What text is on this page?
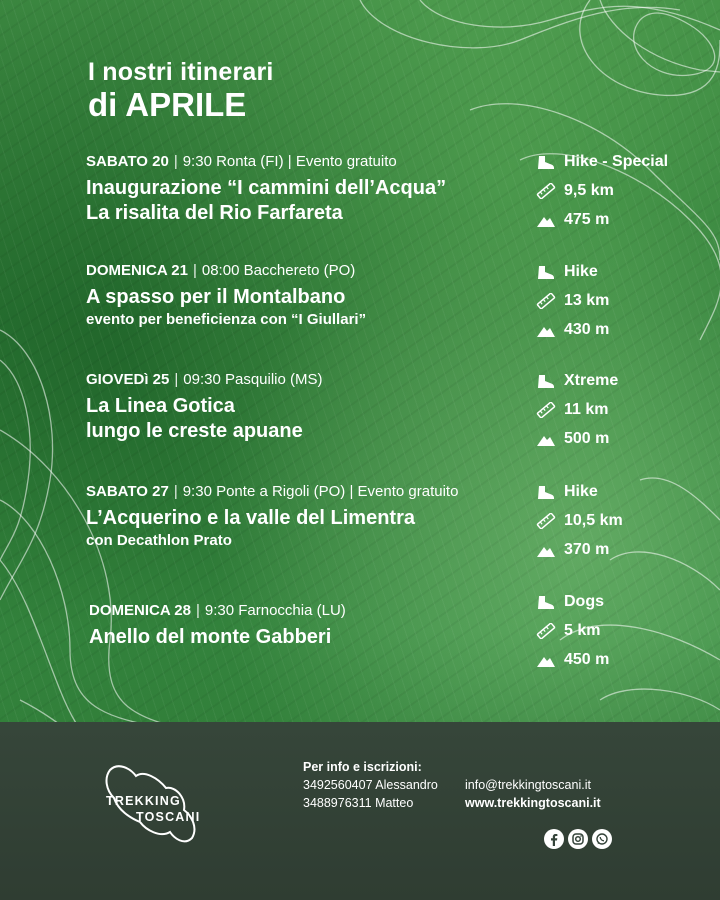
I nostri itinerari
di APRILE
SABATO 20 | 9:30 Ronta (FI) | Evento gratuito
Inaugurazione “I cammini dell’Acqua”
La risalita del Rio Farfareta
Hike - Special
9,5 km
475 m
DOMENICA 21 | 08:00 Bacchereto (PO)
A spasso per il Montalbano
evento per beneficienza con “I Giullari”
Hike
13 km
430 m
GIOVEDì 25 | 09:30 Pasquilio (MS)
La Linea Gotica
lungo le creste apuane
Xtreme
11 km
500 m
SABATO 27 | 9:30 Ponte a Rigoli (PO) | Evento gratuito
L’Acquerino e la valle del Limentra
con Decathlon Prato
Hike
10,5 km
370 m
DOMENICA 28 | 9:30 Farnocchia (LU)
Anello del monte Gabberi
Dogs
5 km
450 m
TREKKING
TOSCANI
Per info e iscrizioni:
3492560407 Alessandro	info@trekkingtoscani.it
3488976311 Matteo	www.trekkingtoscani.it
